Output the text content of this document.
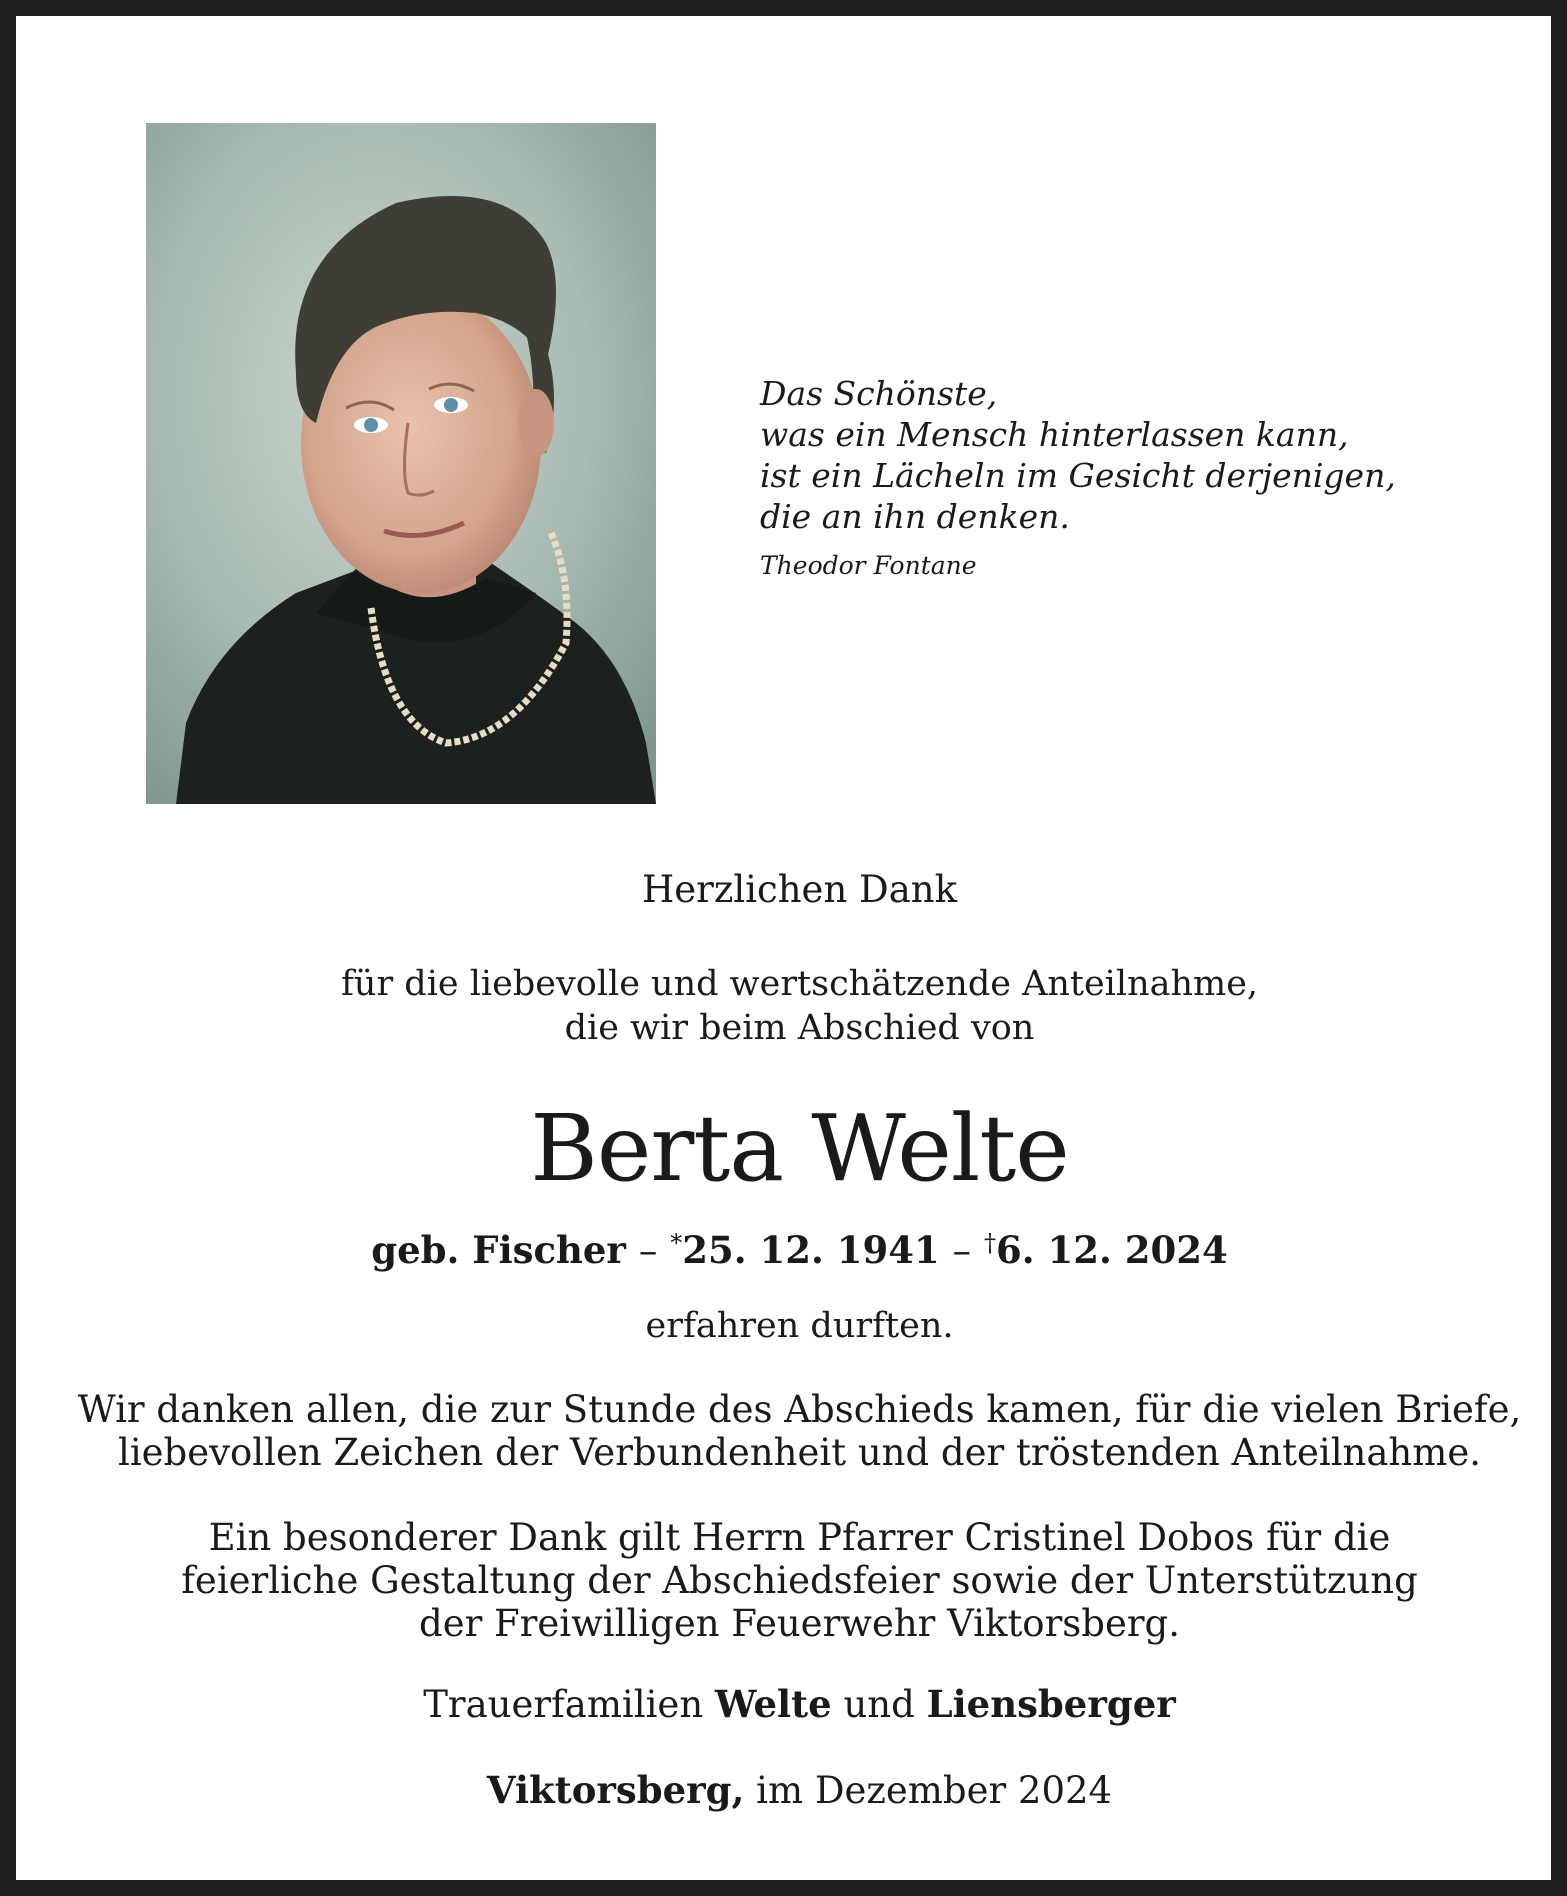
Das Schönste,
was ein Mensch hinterlassen kann,
ist ein Lächeln im Gesicht derjenigen,
die an ihn denken.
Theodor Fontane
Herzlichen Dank
für die liebevolle und wertschätzende Anteilnahme,
die wir beim Abschied von
Berta Welte
geb. Fischer – *25. 12. 1941 – †6. 12. 2024
erfahren durften.
Wir danken allen, die zur Stunde des Abschieds kamen, für die vielen Briefe,
liebevollen Zeichen der Verbundenheit und der tröstenden Anteilnahme.
Ein besonderer Dank gilt Herrn Pfarrer Cristinel Dobos für die
feierliche Gestaltung der Abschiedsfeier sowie der Unterstützung
der Freiwilligen Feuerwehr Viktorsberg.
Trauerfamilien Welte und Liensberger
Viktorsberg, im Dezember 2024
